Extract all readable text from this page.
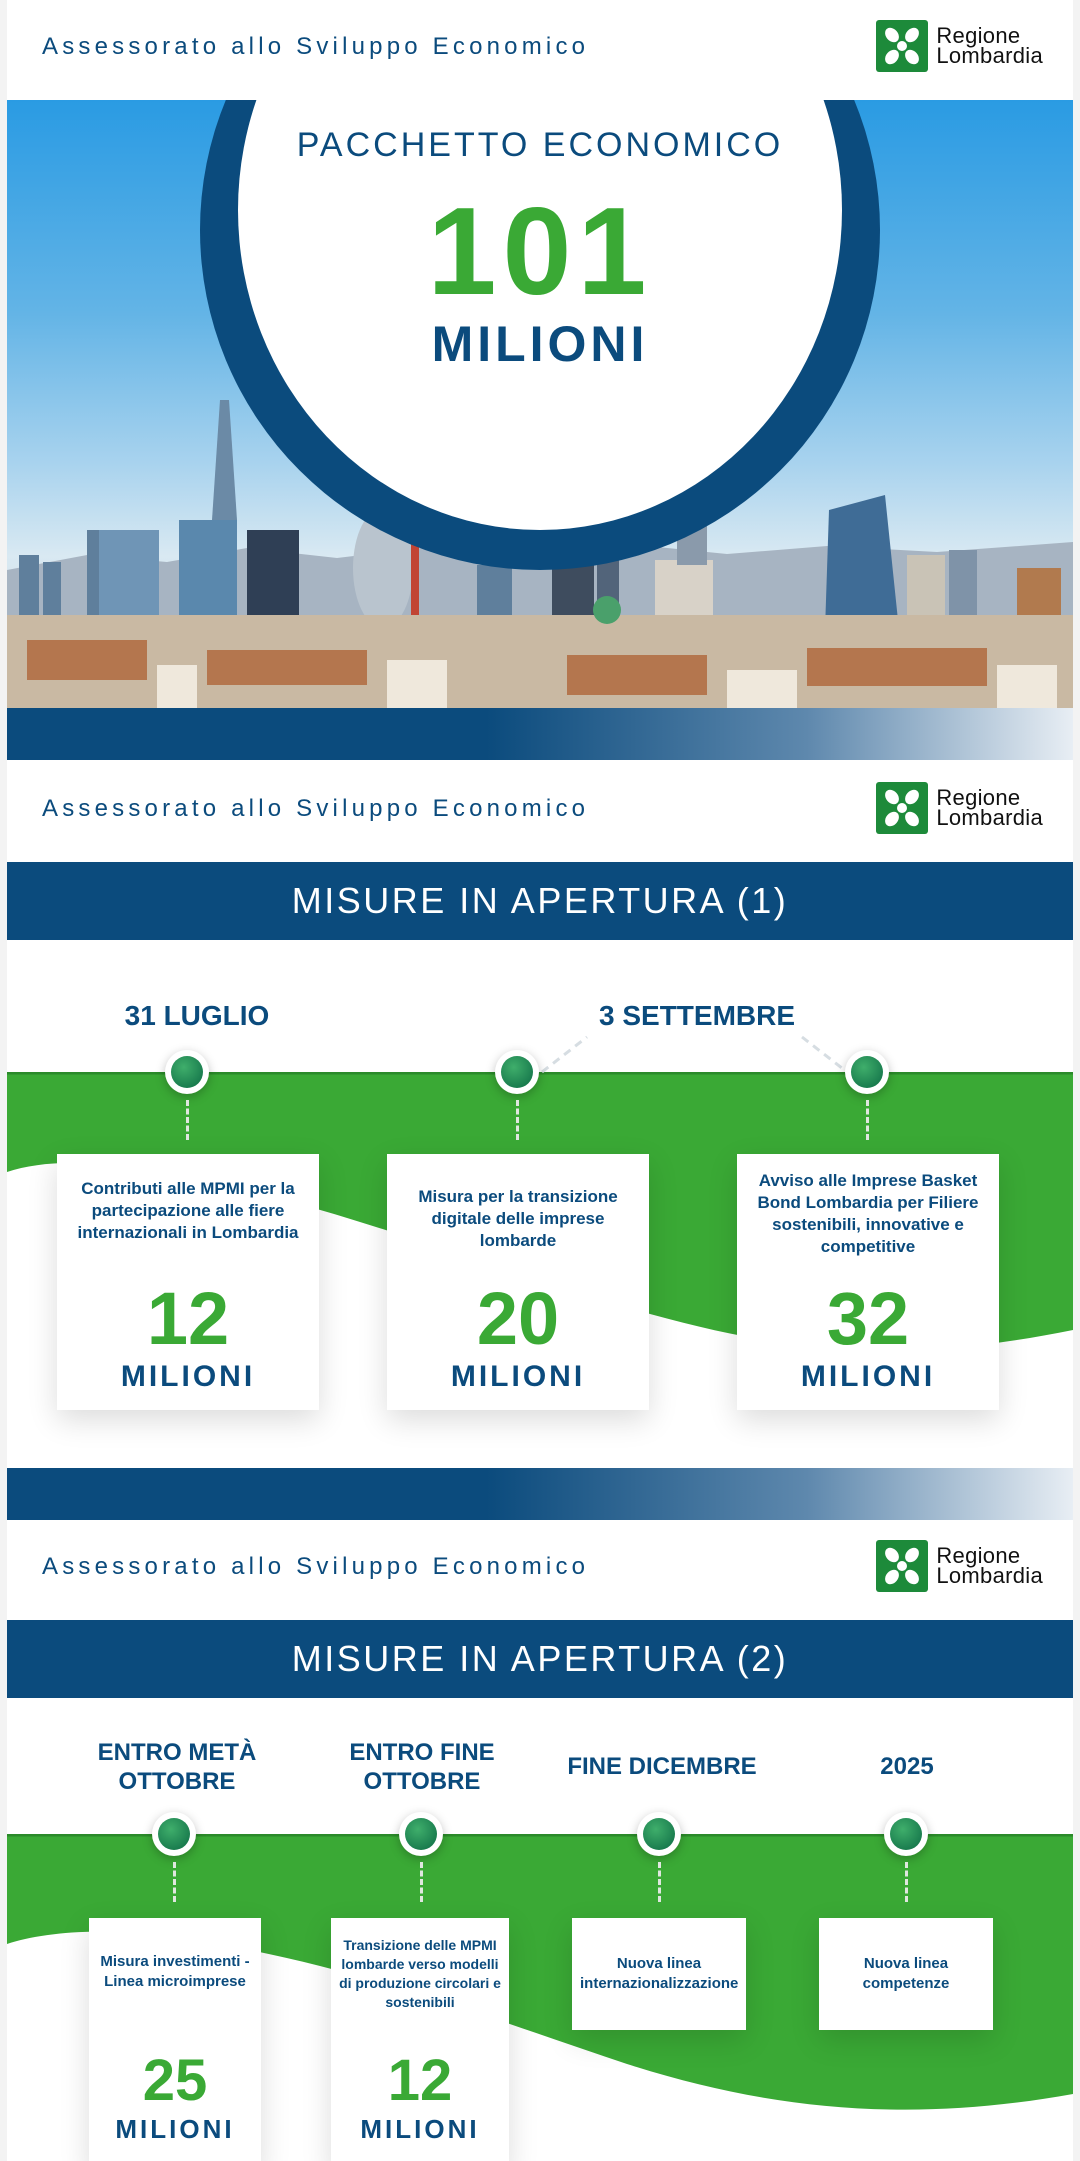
Assessorato allo Sviluppo Economico	Regione
Lombardia
PACCHETTO ECONOMICO
101
MILIONI
Assessorato allo Sviluppo Economico	Regione
Lombardia
MISURE IN APERTURA (1)
31 LUGLIO	3 SETTEMBRE
Contributi alle MPMI per la partecipazione alle fiere internazionali in Lombardia
12
MILIONI
Misura per la transizione digitale delle imprese lombarde
20
MILIONI
Avviso alle Imprese Basket Bond Lombardia per Filiere sostenibili, innovative e competitive
32
MILIONI
Assessorato allo Sviluppo Economico	Regione
Lombardia
MISURE IN APERTURA (2)
ENTRO METÀ OTTOBRE
ENTRO FINE OTTOBRE
FINE DICEMBRE	2025
Misura investimenti - Linea microimprese
25
MILIONI
Transizione delle MPMI lombarde verso modelli di produzione circolari e sostenibili
12
MILIONI
Nuova linea internazionalizzazione
Nuova linea competenze
